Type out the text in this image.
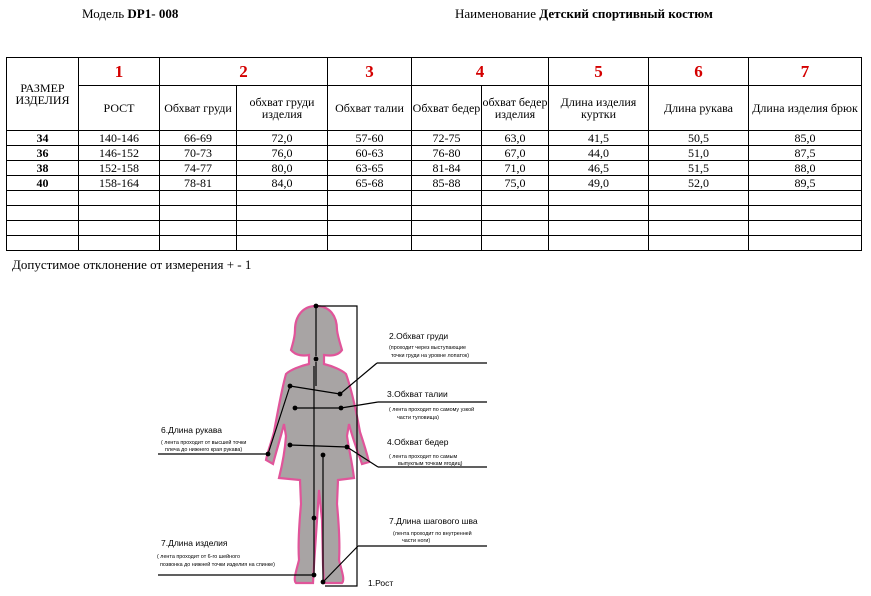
Модель DP1- 008	Наименование Детский спортивный костюм
РАЗМЕР ИЗДЕЛИЯ	1	2		3	4		5	6	7
	РОСТ	Обхват груди	обхват груди изделия	Обхват талии	Обхват бедер	обхват бедер изделия	Длина изделия куртки	Длина рукава	Длина изделия брюк
34	140-146	66-69	72,0	57-60	72-75	63,0	41,5	50,5	85,0
36	146-152	70-73	76,0	60-63	76-80	67,0	44,0	51,0	87,5
38	152-158	74-77	80,0	63-65	81-84	71,0	46,5	51,5	88,0
40	158-164	78-81	84,0	65-68	85-88	75,0	49,0	52,0	89,5

Допустимое отклонение от измерения + - 1
2.Обхват груди
(проходит через выступающие
точки груди на уровне лопаток)
3.Обхват талии
( лента проходит по самому узкой
части туловища)
4.Обхват бедер
( лента проходит по самым
выпуклым точкам ягодиц)
6.Длина рукава
( лента проходит от высшей точки
плеча до нижнего края рукава)
7.Длина изделия
( лента проходит от 6-го шейного
позвонка до нижней точки изделия на спинке)
7.Длина шагового шва
(лента проходит по внутренней
части ноги)
1.Рост
